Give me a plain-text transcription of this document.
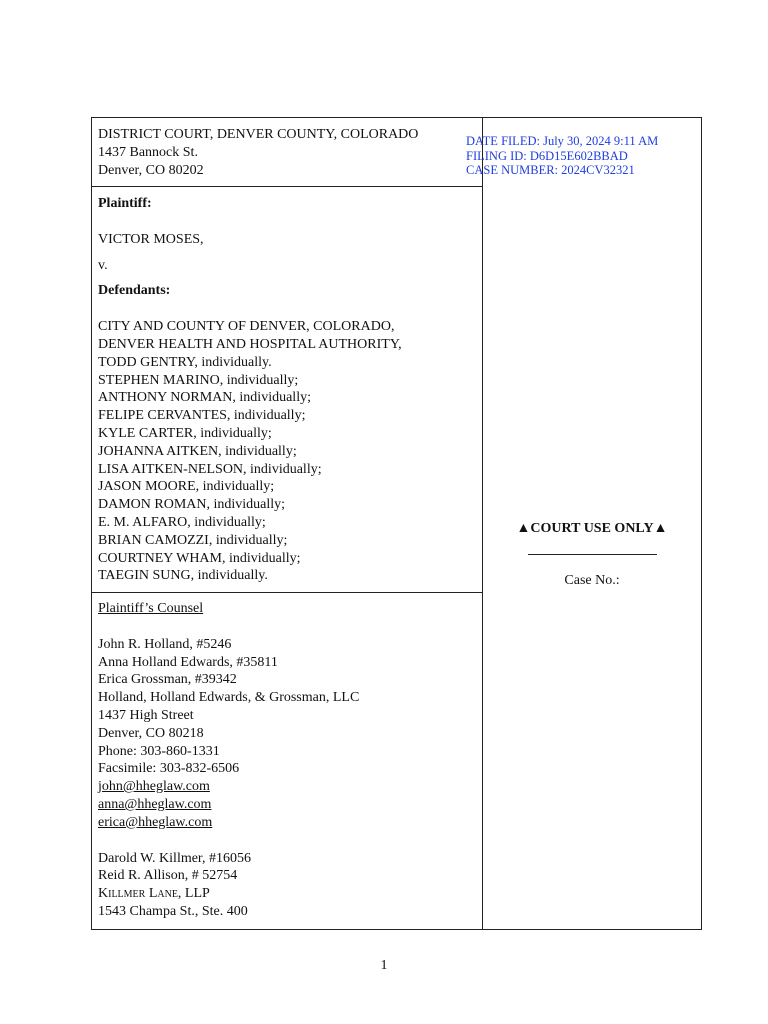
DISTRICT COURT, DENVER COUNTY, COLORADO
1437 Bannock St.
Denver, CO 80202
Plaintiff:
VICTOR MOSES,
v.
Defendants:
CITY AND COUNTY OF DENVER, COLORADO,
DENVER HEALTH AND HOSPITAL AUTHORITY,
TODD GENTRY, individually.
STEPHEN MARINO, individually;
ANTHONY NORMAN, individually;
FELIPE CERVANTES, individually;
KYLE CARTER, individually;
JOHANNA AITKEN, individually;
LISA AITKEN-NELSON, individually;
JASON MOORE, individually;
DAMON ROMAN, individually;
E. M. ALFARO, individually;
BRIAN CAMOZZI, individually;
COURTNEY WHAM, individually;
TAEGIN SUNG, individually.
Plaintiff’s Counsel
John R. Holland, #5246
Anna Holland Edwards, #35811
Erica Grossman, #39342
Holland, Holland Edwards, & Grossman, LLC
1437 High Street
Denver, CO 80218
Phone: 303-860-1331
Facsimile: 303-832-6506
john@hheglaw.com
anna@hheglaw.com
erica@hheglaw.com
Darold W. Killmer, #16056
Reid R. Allison, # 52754
Killmer Lane, LLP
1543 Champa St., Ste. 400
DATE FILED: July 30, 2024 9:11 AM
FILING ID: D6D15E602BBAD
CASE NUMBER: 2024CV32321
▲COURT USE ONLY▲
Case No.:
1
